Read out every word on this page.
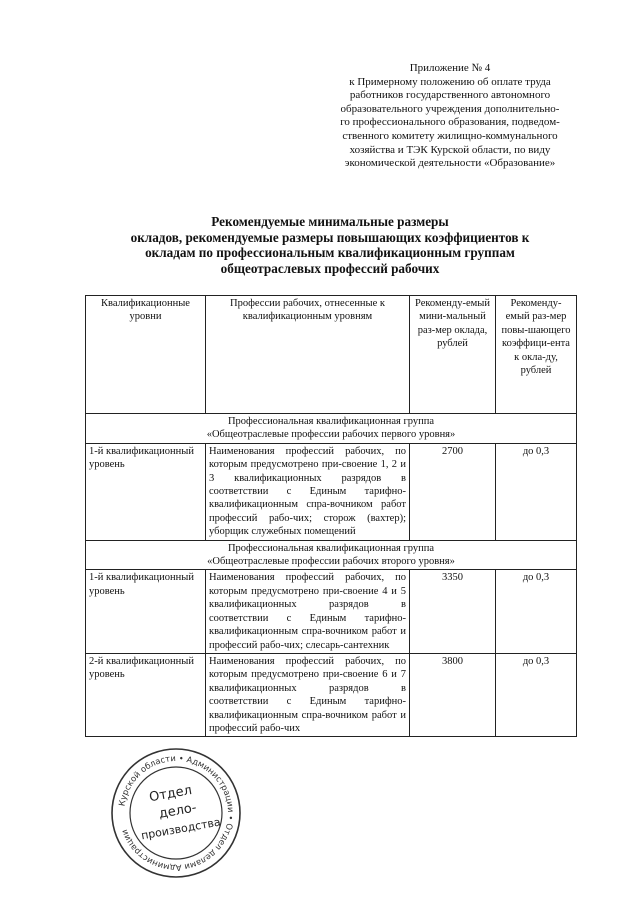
Приложение № 4
к Примерному положению об оплате труда
работников государственного автономного
образовательного учреждения дополнительно-
го профессионального образования, подведом-
ственного комитету жилищно-коммунального
хозяйства и ТЭК Курской области, по виду
экономической деятельности «Образование»
Рекомендуемые минимальные размеры
окладов, рекомендуемые размеры повышающих коэффициентов к
окладам по профессиональным квалификационным группам
общеотраслевых профессий рабочих
Квалификационные уровни	Профессии рабочих, отнесенные к квалификационным уровням	Рекоменду-емый мини-мальный раз-мер оклада, рублей	Рекоменду-емый раз-мер повы-шающего коэффици-ента к окла-ду, рублей

Профессиональная квалификационная группа
«Общеотраслевые профессии рабочих первого уровня»			

1-й квалификационный уровень	Наименования профессий рабочих, по которым предусмотрено при-своение 1, 2 и 3 квалификационных разрядов в соответствии с Единым тарифно-квалификационным спра-вочником работ профессий рабо-чих; сторож (вахтер); уборщик служебных помещений	2700	до 0,3

Профессиональная квалификационная группа
«Общеотраслевые профессии рабочих второго уровня»			

1-й квалификационный уровень	Наименования профессий рабочих, по которым предусмотрено при-своение 4 и 5 квалификационных разрядов в соответствии с Единым тарифно-квалификационным спра-вочником работ и профессий рабо-чих; слесарь-сантехник	3350	до 0,3
2-й квалификационный уровень	Наименования профессий рабочих, по которым предусмотрено при-своение 6 и 7 квалификационных разрядов в соответствии с Единым тарифно-квалификационным спра-вочником работ и профессий рабо-чих	3800	до 0,3
Курской области • Администрации • Отдел делами Администрации
Отдел
дело-
производства
